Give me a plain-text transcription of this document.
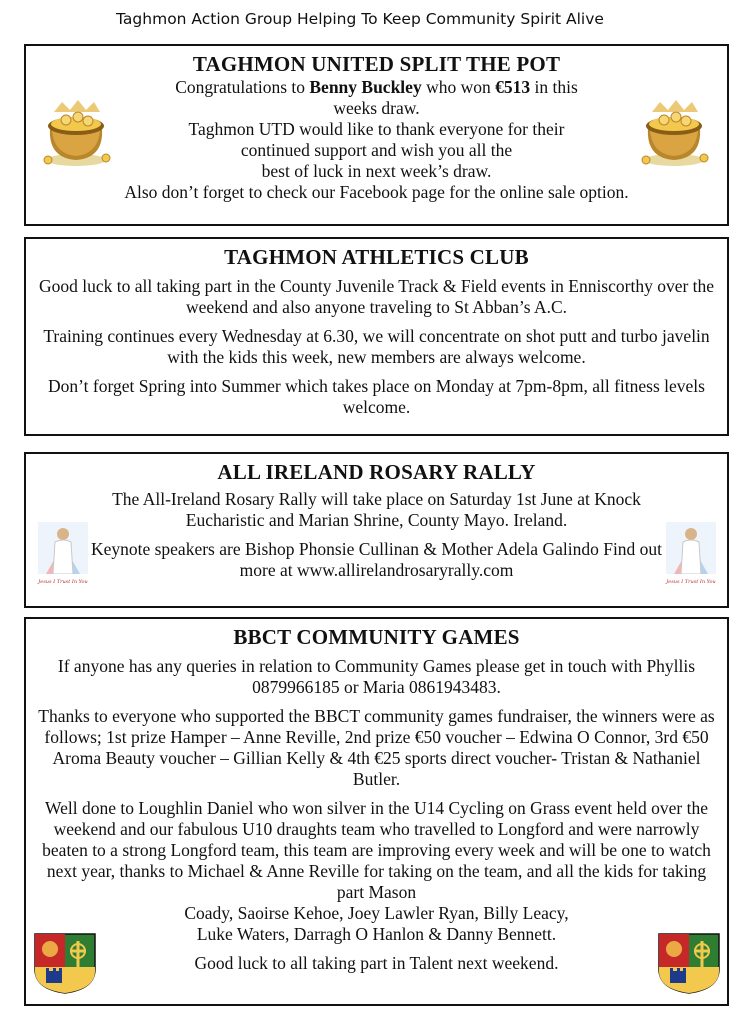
Taghmon Action Group Helping To Keep Community Spirit Alive
TAGHMON UNITED SPLIT THE POT

Congratulations to Benny Buckley who won €513 in this
weeks draw.
Taghmon UTD would like to thank everyone for their
continued support and wish you all the
best of luck in next week’s draw.
Also don’t forget to check our Facebook page for the online sale option.

TAGHMON ATHLETICS CLUB

Good luck to all taking part in the County Juvenile Track & Field events in Enniscorthy over the weekend and also anyone traveling to St Abban’s A.C.

Training continues every Wednesday at 6.30, we will concentrate on shot putt and turbo javelin with the kids this week, new members are always welcome.

Don’t forget Spring into Summer which takes place on Monday at 7pm-8pm, all fitness levels welcome.

ALL IRELAND ROSARY RALLY

The All-Ireland Rosary Rally will take place on Saturday 1st June at Knock Eucharistic and Marian Shrine, County Mayo. Ireland.

Keynote speakers are Bishop Phonsie Cullinan & Mother Adela Galindo Find out more at www.allirelandrosaryrally.com

Jesus I Trust In You	Jesus I Trust In You
BBCT COMMUNITY GAMES

If anyone has any queries in relation to Community Games please get in touch with Phyllis 0879966185 or Maria 0861943483.

Thanks to everyone who supported the BBCT community games fundraiser, the winners were as follows; 1st prize Hamper – Anne Reville, 2nd prize €50 voucher – Edwina O Connor, 3rd €50 Aroma Beauty voucher – Gillian Kelly & 4th €25 sports direct voucher- Tristan & Nathaniel Butler.

Well done to Loughlin Daniel who won silver in the U14 Cycling on Grass event held over the weekend and our fabulous U10 draughts team who travelled to Longford and were narrowly beaten to a strong Longford team, this team are improving every week and will be one to watch next year, thanks to Michael & Anne Reville for taking on the team, and all the kids for taking part Mason

Coady, Saoirse Kehoe, Joey Lawler Ryan, Billy Leacy,

Luke Waters, Darragh O Hanlon & Danny Bennett.

Good luck to all taking part in Talent next weekend.
